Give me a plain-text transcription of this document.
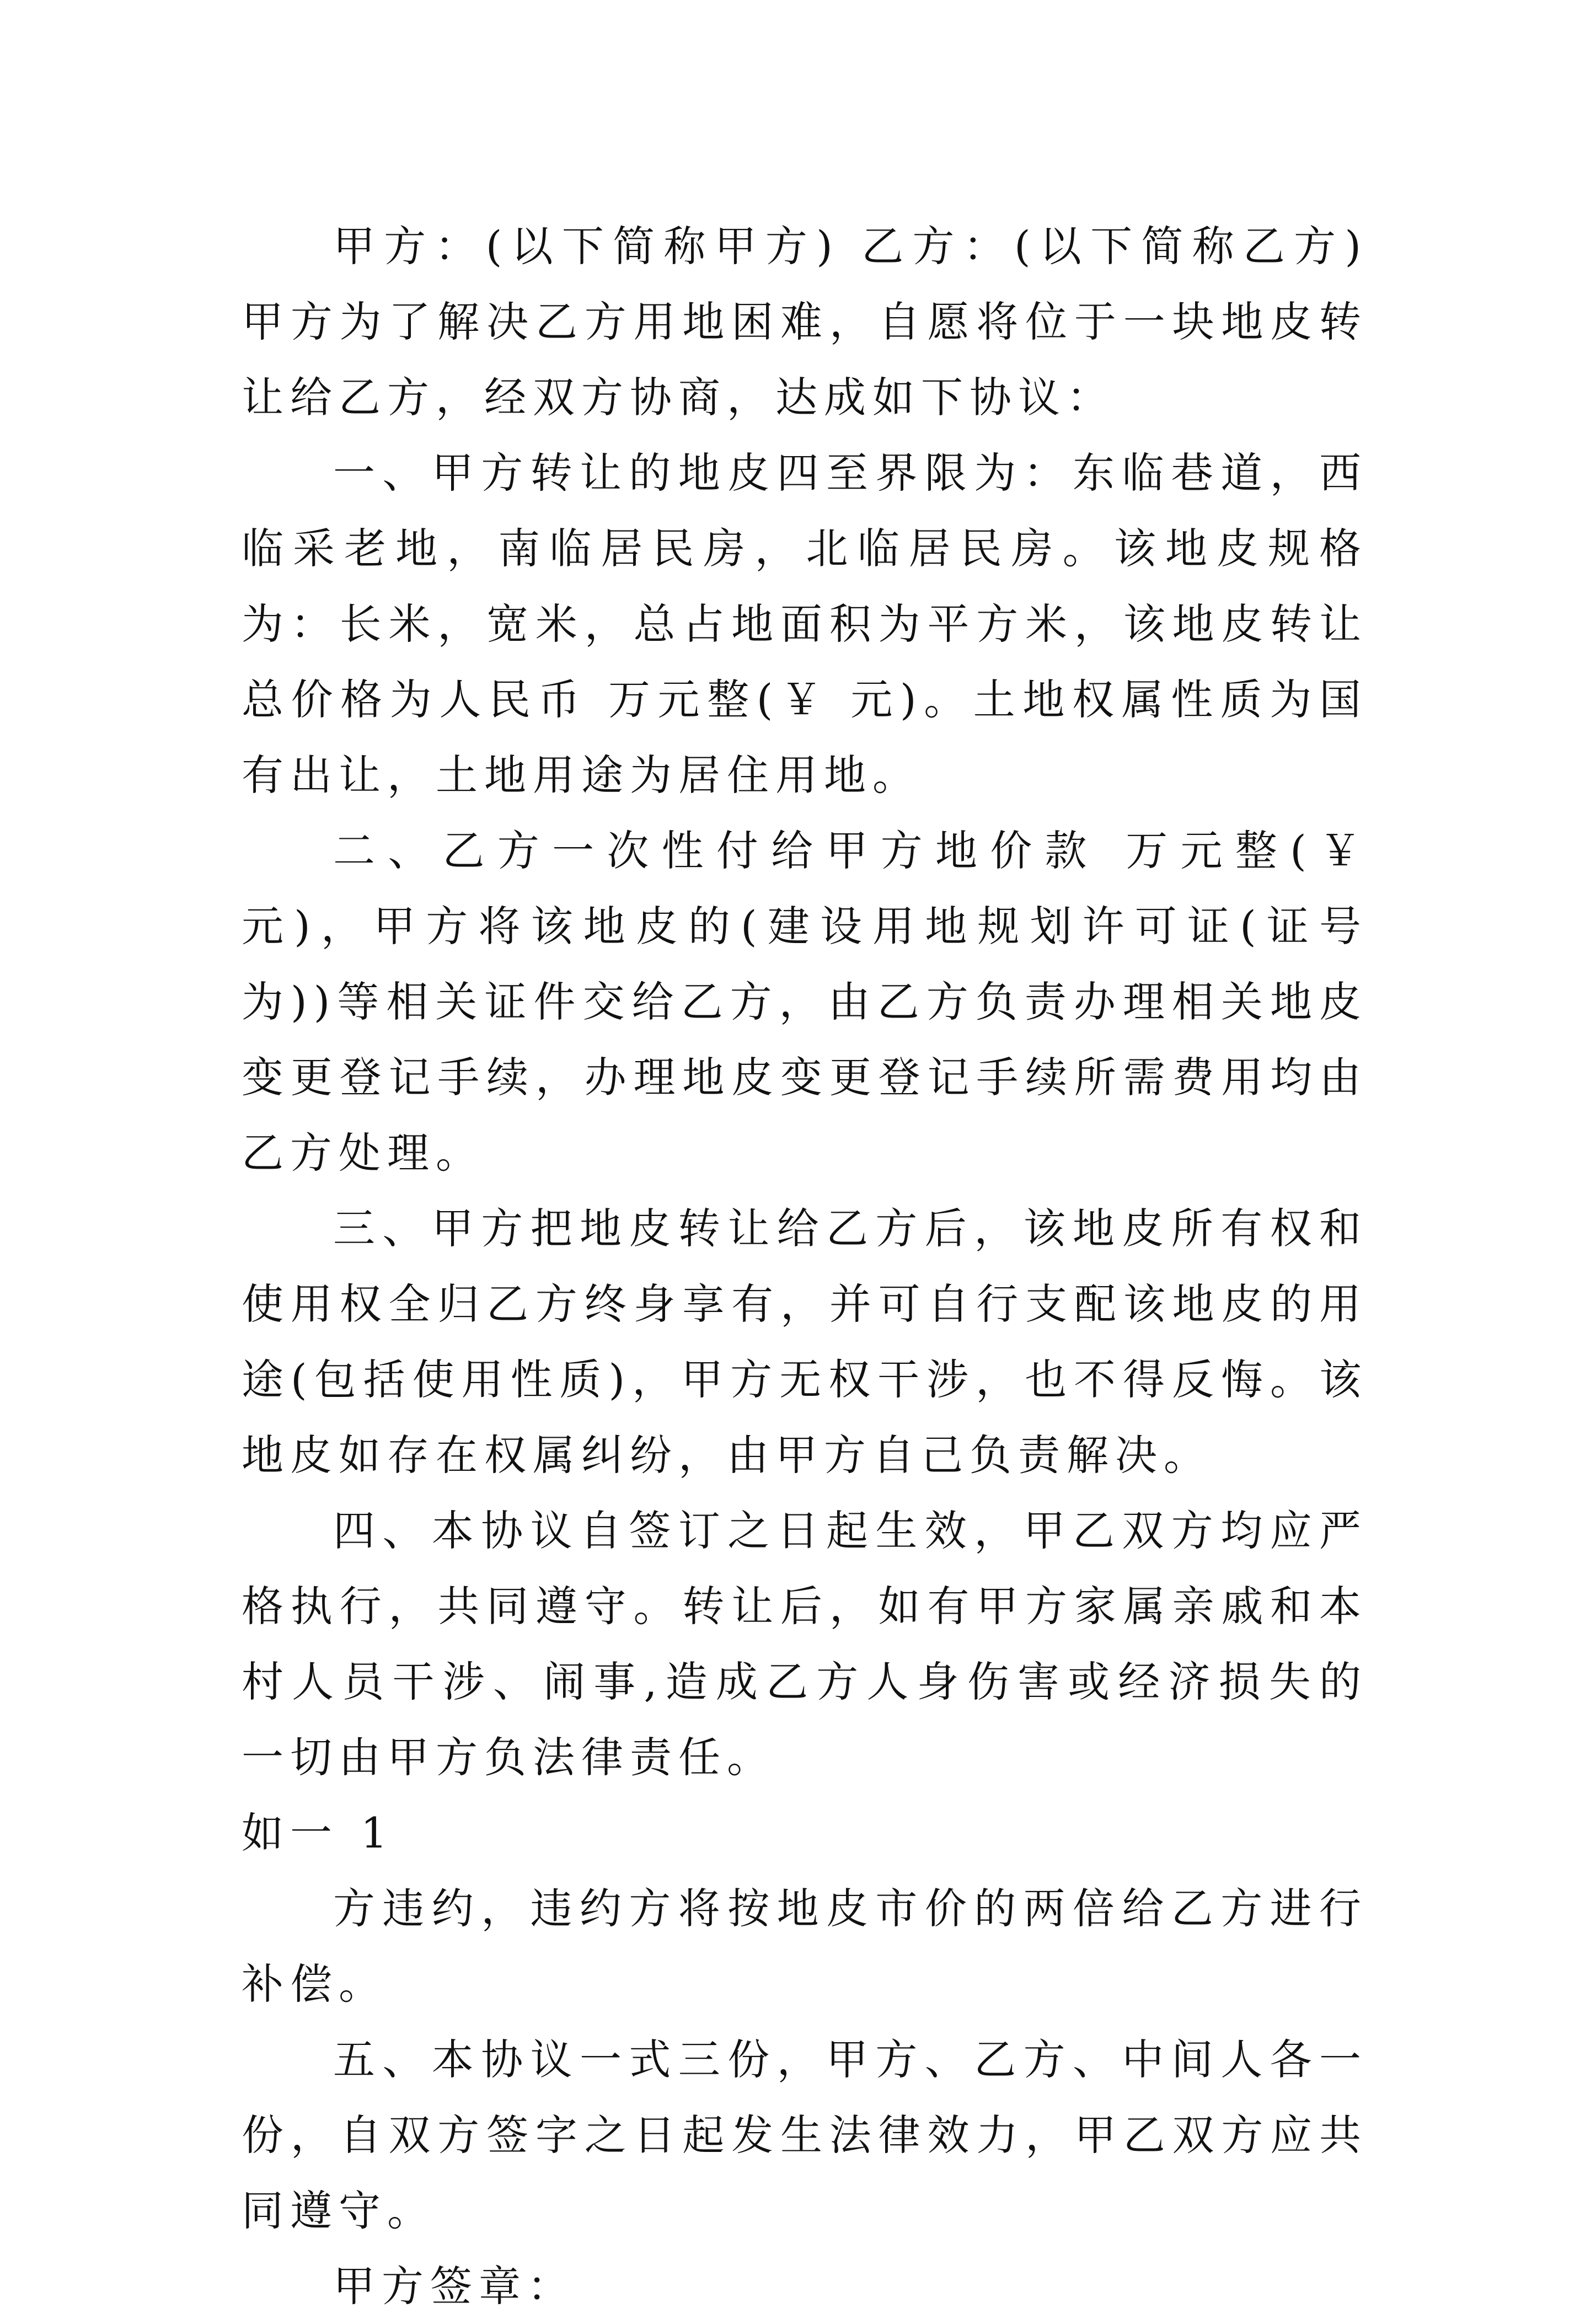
甲方：(以下简称甲方) 乙方：(以下简称乙方) 甲方为了解决乙方用地困难，自愿将位于一块地皮转让给乙方，经双方协商，达成如下协议：

一、甲方转让的地皮四至界限为：东临巷道，西临采老地，南临居民房，北临居民房。该地皮规格为：长米，宽米，总占地面积为平方米，该地皮转让总价格为人民币 万元整(￥ 元)。土地权属性质为国有出让，土地用途为居住用地。

二、乙方一次性付给甲方地价款 万元整(￥ 元)，甲方将该地皮的(建设用地规划许可证(证号为))等相关证件交给乙方，由乙方负责办理相关地皮变更登记手续，办理地皮变更登记手续所需费用均由乙方处理。

三、甲方把地皮转让给乙方后，该地皮所有权和使用权全归乙方终身享有，并可自行支配该地皮的用途(包括使用性质)，甲方无权干涉，也不得反悔。该地皮如存在权属纠纷，由甲方自己负责解决。

四、本协议自签订之日起生效，甲乙双方均应严格执行，共同遵守。转让后，如有甲方家属亲戚和本村人员干涉、闹事,造成乙方人身伤害或经济损失的一切由甲方负法律责任。

如一 1

方违约，违约方将按地皮市价的两倍给乙方进行补偿。

五、本协议一式三份，甲方、乙方、中间人各一份，自双方签字之日起发生法律效力，甲乙双方应共同遵守。

甲方签章：
